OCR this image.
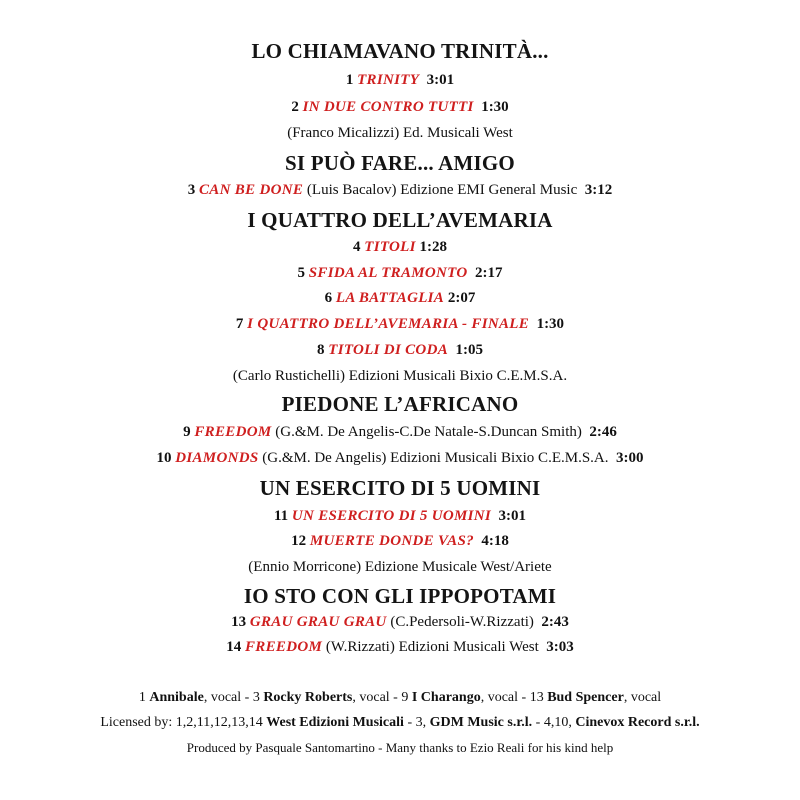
LO CHIAMAVANO TRINITÀ...
1 TRINITY 3:01
2 IN DUE CONTRO TUTTI 1:30
(Franco Micalizzi) Ed. Musicali West
SI PUÒ FARE... AMIGO
3 CAN BE DONE (Luis Bacalov) Edizione EMI General Music 3:12
I QUATTRO DELL’AVEMARIA
4 TITOLI 1:28
5 SFIDA AL TRAMONTO 2:17
6 LA BATTAGLIA 2:07
7 I QUATTRO DELL’AVEMARIA - FINALE 1:30
8 TITOLI DI CODA 1:05
(Carlo Rustichelli) Edizioni Musicali Bixio C.E.M.S.A.
PIEDONE L’AFRICANO
9 FREEDOM (G.&M. De Angelis-C.De Natale-S.Duncan Smith) 2:46
10 DIAMONDS (G.&M. De Angelis) Edizioni Musicali Bixio C.E.M.S.A. 3:00
UN ESERCITO DI 5 UOMINI
11 UN ESERCITO DI 5 UOMINI 3:01
12 MUERTE DONDE VAS? 4:18
(Ennio Morricone) Edizione Musicale West/Ariete
IO STO CON GLI IPPOPOTAMI
13 GRAU GRAU GRAU (C.Pedersoli-W.Rizzati) 2:43
14 FREEDOM (W.Rizzati) Edizioni Musicali West 3:03
1 Annibale, vocal - 3 Rocky Roberts, vocal - 9 I Charango, vocal - 13 Bud Spencer, vocal
Licensed by: 1,2,11,12,13,14 West Edizioni Musicali - 3, GDM Music s.r.l. - 4,10, Cinevox Record s.r.l.
Produced by Pasquale Santomartino - Many thanks to Ezio Reali for his kind help
